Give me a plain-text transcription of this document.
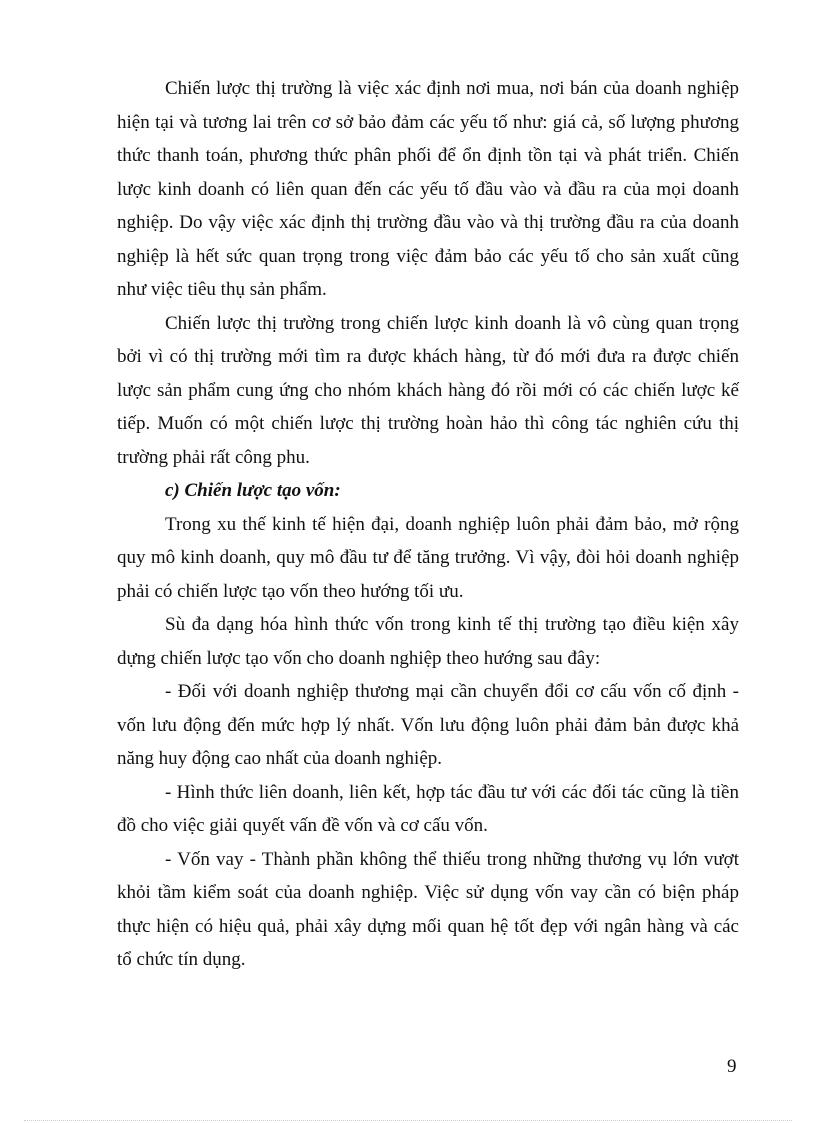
Chiến lược thị trường là việc xác định nơi mua, nơi bán của doanh nghiệp hiện tại và tương lai trên cơ sở bảo đảm các yếu tố như: giá cả, số lượng phương thức thanh toán, phương thức phân phối để ổn định tồn tại và phát triển. Chiến lược kinh doanh có liên quan đến các yếu tố đầu vào và đầu ra của mọi doanh nghiệp. Do vậy việc xác định thị trường đầu vào và thị trường đầu ra của doanh nghiệp là hết sức quan trọng trong việc đảm bảo các yếu tố cho sản xuất cũng như việc tiêu thụ sản phẩm.

Chiến lược thị trường trong chiến lược kinh doanh là vô cùng quan trọng bởi vì có thị trường mới tìm ra được khách hàng, từ đó mới đưa ra được chiến lược sản phẩm cung ứng cho nhóm khách hàng đó rồi mới có các chiến lược kế tiếp. Muốn có một chiến lược thị trường hoàn hảo thì công tác nghiên cứu thị trường phải rất công phu.

c) Chiến lược tạo vốn:

Trong xu thế kinh tế hiện đại, doanh nghiệp luôn phải đảm bảo, mở rộng quy mô kinh doanh, quy mô đầu tư để tăng trưởng. Vì vậy, đòi hỏi doanh nghiệp phải có chiến lược tạo vốn theo hướng tối ưu.

Sù đa dạng hóa hình thức vốn trong kinh tế thị trường tạo điều kiện xây dựng chiến lược tạo vốn cho doanh nghiệp theo hướng sau đây:

- Đối với doanh nghiệp thương mại cần chuyển đổi cơ cấu vốn cố định - vốn lưu động đến mức hợp lý nhất. Vốn lưu động luôn phải đảm bản được khả năng huy động cao nhất của doanh nghiệp.

- Hình thức liên doanh, liên kết, hợp tác đầu tư với các đối tác cũng là tiền đồ cho việc giải quyết vấn đề vốn và cơ cấu vốn.

- Vốn vay - Thành phần không thể thiếu trong những thương vụ lớn vượt khỏi tầm kiểm soát của doanh nghiệp. Việc sử dụng vốn vay cần có biện pháp thực hiện có hiệu quả, phải xây dựng mối quan hệ tốt đẹp với ngân hàng và các tổ chức tín dụng.

9
